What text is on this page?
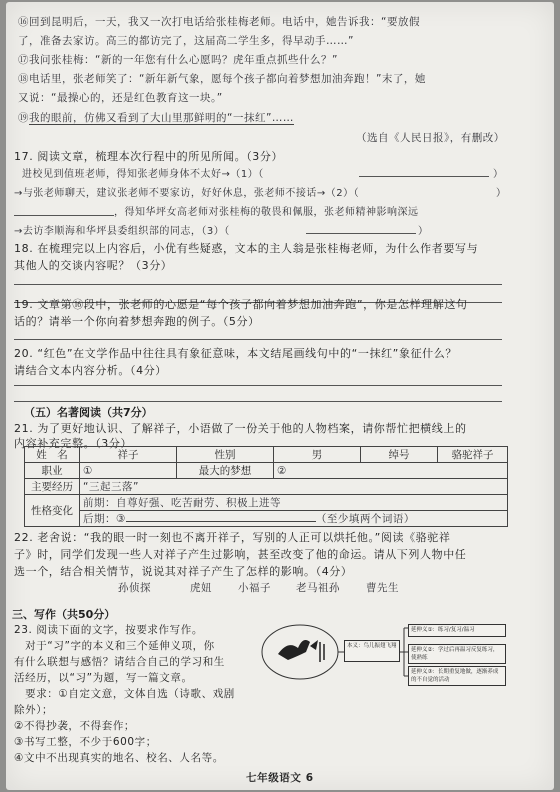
⑯回到昆明后，一天，我又一次打电话给张桂梅老师。电话中，她告诉我：“要放假
了，准备去家访。高三的都访完了，这届高二学生多，得早动手……”
⑰我问张桂梅：“新的一年您有什么心愿吗？虎年重点抓些什么？”
⑱电话里，张老师笑了：“新年新气象，愿每个孩子都向着梦想加油奔跑！”末了，她
又说：“最操心的，还是红色教育这一块。”
⑲我的眼前，仿佛又看到了大山里那鲜明的“一抹红”……
（选自《人民日报》，有删改）
17. 阅读文章，梳理本次行程中的所见所闻。（3分）
进校见到值班老师，得知张老师身体不太好→（1）（	）
→与张老师聊天，建议张老师不要家访，好好休息，张老师不接话→（2）（	）
，得知华坪女高老师对张桂梅的敬畏和佩服，张老师精神影响深远
→去访李顺海和华坪县委组织部的同志，（3）（	）
18. 在梳理完以上内容后，小优有些疑惑，文本的主人翁是张桂梅老师，为什么作者要写与
其他人的交谈内容呢？（3分）
19. 文章第⑯段中，张老师的心愿是“每个孩子都向着梦想加油奔跑”，你是怎样理解这句
话的？请举一个你向着梦想奔跑的例子。（5分）
20. “红色”在文学作品中往往具有象征意味，本文结尾画线句中的“一抹红”象征什么？
请结合文本内容分析。（4分）
（五）名著阅读（共7分）
21. 为了更好地认识、了解祥子，小语做了一份关于他的人物档案，请你帮忙把横线上的
内容补充完整。（3分）
姓　名	祥子	性别	男	绰号	骆驼祥子
职业	①	最大的梦想	②		
主要经历	“三起三落”				
性格变化	前期：自尊好强、吃苦耐劳、积极上进等				
	后期：③ （至少填两个词语）				
22. 老舍说：“我的眼一时一刻也不离开祥子，写别的人正可以烘托他。”阅读《骆驼祥
子》时，同学们发现一些人对祥子产生过影响，甚至改变了他的命运。请从下列人物中任
选一个，结合相关情节，说说其对祥子产生了怎样的影响。（4分）
孙侦探	虎妞 小福子 老马祖孙 曹先生
三、写作（共50分）
23. 阅读下面的文字，按要求作写作。
　对于“习”字的本义和三个延伸义项，你
有什么联想与感悟？请结合自己的学习和生
活经历，以“习”为题，写一篇文章。
　要求：①自定文意，文体自选（诗歌、戏剧
除外）；
②不得抄袭，不得套作；
③书写工整，不少于600字；
④文中不出现真实的地名、校名、人名等。
本义：鸟儿振翅飞翔
延伸义①：练习/复习/温习
延伸义②：学过后再温习反复练习，使熟练
延伸义③：长期重复地做，逐渐养成的不自觉的活动
七年级语文 6
